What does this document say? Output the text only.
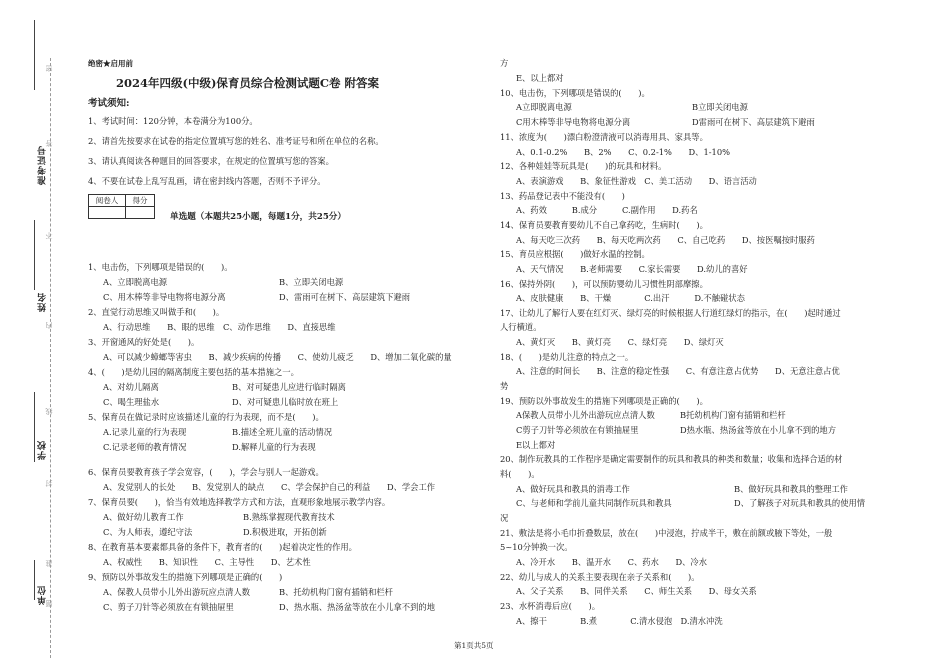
准考证号
姓名
学校
单位
密
封
线
内
不
准
答
题
绝密★启用前
2024年四级(中级)保育员综合检测试题C卷 附答案
考试须知:
1、考试时间：120分钟，本卷满分为100分。
2、请首先按要求在试卷的指定位置填写您的姓名、准考证号和所在单位的名称。
3、请认真阅读各种题目的回答要求，在规定的位置填写您的答案。
4、不要在试卷上乱写乱画，请在密封线内答题，否则不予评分。
阅卷人	得分

单选题（本题共25小题，每题1分，共25分）
1、电击伤，下列哪项是错误的(　　)。
A、立即脱离电源	B、立即关闭电源
C、用木棒等非导电物将电源分离	D、雷雨可在树下、高层建筑下避雨
2、直觉行动思维又叫做手和(　　)。
A、行动思维　　B、眼的思维　C、动作思维　　D、直接思维
3、开窗通风的好处是(　　)。
A、可以减少蟑螂等害虫　　B、减少疾病的传播　　C、使幼儿疲乏　　D、增加二氧化碳的量
4、(　　)是幼儿园的隔离制度主要包括的基本措施之一。
A、对幼儿隔离	B、对可疑患儿应进行临时隔离
C、喝生理盐水	D、对可疑患儿临时放在班上
5、保育员在做记录时应该描述儿童的行为表现，而不是(　　)。
A.记录儿童的行为表现	B.描述全班儿童的活动情况
C.记录老师的教育情况	D.解释儿童的行为表现
6、保育员要教育孩子学会宽容，(　　)，学会与别人一起游戏。
A、发觉别人的长处　　B、发觉别人的缺点　　C、学会保护自己的利益　　D、学会工作
7、保育员要(　　)，恰当有效地选择教学方式和方法，直观形象地展示教学内容。
A、做好幼儿教育工作	B.熟练掌握现代教育技术
C、为人师表，遵纪守法	D.积极进取，开拓创新
8、在教育基本要素都具备的条件下，教育者的(　　)起着决定性的作用。
A、权威性　　B、知识性　　C、主导性　　D、艺术性
9、预防以外事故发生的措施下列哪项是正确的(　　)
A、保教人员带小儿外出游玩应点清人数	B、托幼机构门窗有插销和栏杆
C、剪子刀针等必须放在有锁抽屉里	D、热水瓶、热汤盆等放在小儿拿不到的地
方
E、以上都对
10、电击伤，下列哪项是错误的(　　)。
A立即脱离电源	B立即关闭电源
C用木棒等非导电物将电源分离	D雷雨可在树下、高层建筑下避雨
11、浓度为(　　)漂白粉澄清液可以消毒用具、家具等。
A、0.1-0.2%　　B、2%　　C、0.2-1%　　D、1-10%
12、各种娃娃等玩具是(　　)的玩具和材料。
A、表演游戏　　B、象征性游戏　C、美工活动　　D、语言活动
13、药品登记表中不能没有(　　)
A、药效　　　B.成分　　　C.副作用　　D.药名
14、保育员要教育要幼儿不自己拿药吃，生病时(　　)。
A、每天吃三次药　　B、每天吃两次药　　C、自己吃药　　D、按医嘱按时服药
15、育员应根据(　　)做好水温的控制。
A、天气情况　　B.老师需要　　C.家长需要　　D.幼儿的喜好
16、保持外阴(　　)，可以预防婴幼儿习惯性阴部摩擦。
A、皮肤健康　　B、干燥　　　　C.出汗　　　D.不触碰状态
17、让幼儿了解行人要在红灯灭、绿灯亮的时候根据人行道红绿灯的指示，在(　　)起时通过
人行横道。
A、黄灯灭　　B、黄灯亮　　C、绿灯亮　　D、绿灯灭
18、(　　)是幼儿注意的特点之一。
A、注意的时间长　　B、注意的稳定性强　　C、有意注意占优势　　D、无意注意占优
势
19、预防以外事故发生的措施下列哪项是正确的(　　)。
A保教人员带小儿外出游玩应点清人数	B托幼机构门窗有插销和栏杆
C剪子刀针等必须放在有锁抽屉里	D热水瓶、热汤盆等放在小儿拿不到的地方
E以上都对
20、制作玩教具的工作程序是确定需要制作的玩具和教具的种类和数量；收集和选择合适的材
料(　　)。
A、做好玩具和教具的消毒工作	B、做好玩具和教具的整理工作
C、与老师和学前儿童共同制作玩具和教具	D、了解孩子对玩具和教具的使用情
况
21、敷法是将小毛巾折叠数层，放在(　　)中浸泡，拧成半干，敷在前额或腋下等处，一般
5~10分钟换一次。
A、冷开水　　B、温开水　　C、药水　　D、冷水
22、幼儿与成人的关系主要表现在亲子关系和(　　)。
A、父子关系　　B、同伴关系　　C、师生关系　　D、母女关系
23、水杯消毒后应(　　)。
A、擦干　　　　B.煮　　　　C.清水侵泡　D.清水冲洗
第1页共5页
